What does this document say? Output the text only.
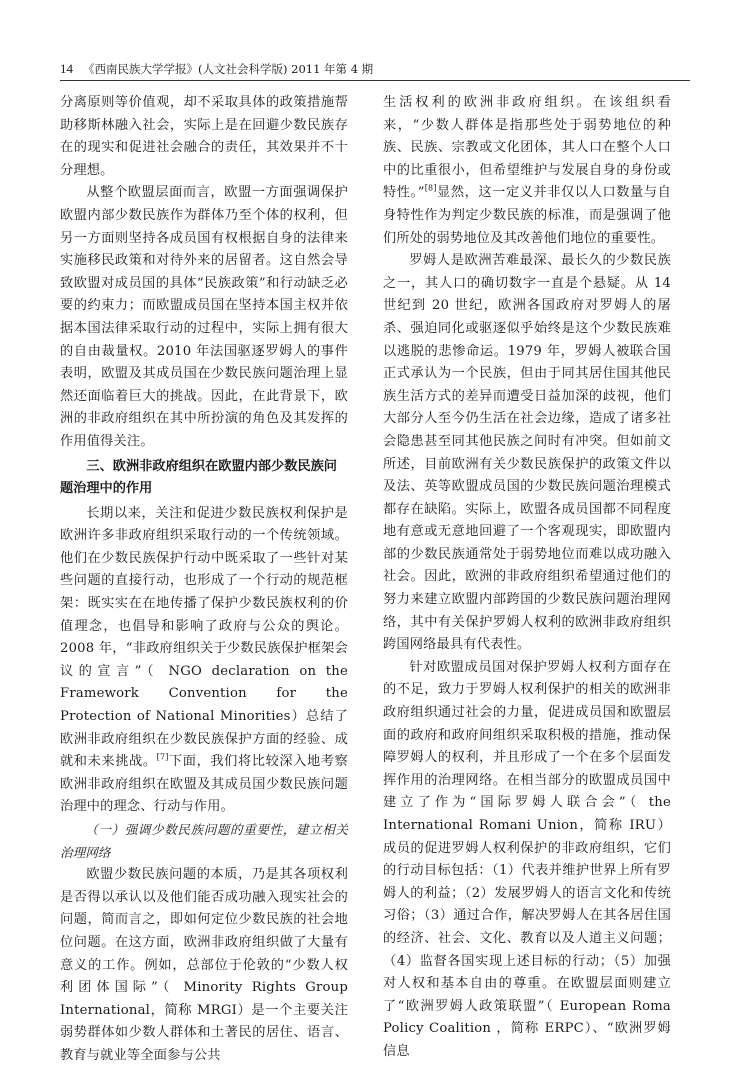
14 《西南民族大学学报》(人文社会科学版) 2011 年第 4 期

分离原则等价值观，却不采取具体的政策措施帮助移斯林融入社会，实际上是在回避少数民族存在的现实和促进社会融合的责任，其效果并不十分理想。

从整个欧盟层面而言，欧盟一方面强调保护欧盟内部少数民族作为群体乃至个体的权利，但另一方面则坚持各成员国有权根据自身的法律来实施移民政策和对待外来的居留者。这自然会导致欧盟对成员国的具体“民族政策”和行动缺乏必要的约束力；而欧盟成员国在坚持本国主权并依据本国法律采取行动的过程中，实际上拥有很大的自由裁量权。2010 年法国驱逐罗姆人的事件表明，欧盟及其成员国在少数民族问题治理上显然还面临着巨大的挑战。因此，在此背景下，欧洲的非政府组织在其中所扮演的角色及其发挥的作用值得关注。

三、欧洲非政府组织在欧盟内部少数民族问题治理中的作用

长期以来，关注和促进少数民族权利保护是欧洲许多非政府组织采取行动的一个传统领域。他们在少数民族保护行动中既采取了一些针对某些问题的直接行动，也形成了一个行动的规范框架：既实实在在地传播了保护少数民族权利的价值理念，也倡导和影响了政府与公众的舆论。2008 年，“非政府组织关于少数民族保护框架会议的宣言”（ NGO declaration on the Framework Convention for the Protection of National Minorities）总结了欧洲非政府组织在少数民族保护方面的经验、成就和未来挑战。[7]下面，我们将比较深入地考察欧洲非政府组织在欧盟及其成员国少数民族问题治理中的理念、行动与作用。

（一）强调少数民族问题的重要性，建立相关治理网络

欧盟少数民族问题的本质，乃是其各项权利是否得以承认以及他们能否成功融入现实社会的问题，简而言之，即如何定位少数民族的社会地位问题。在这方面，欧洲非政府组织做了大量有意义的工作。例如，总部位于伦敦的“少数人权利团体国际”（ Minority Rights Group International，简称 MRGI）是一个主要关注弱势群体如少数人群体和土著民的居住、语言、教育与就业等全面参与公共

生活权利的欧洲非政府组织。在该组织看来，“少数人群体是指那些处于弱势地位的种族、民族、宗教或文化团体，其人口在整个人口中的比重很小，但希望维护与发展自身的身份或特性。”[8]显然，这一定义并非仅以人口数量与自身特性作为判定少数民族的标准，而是强调了他们所处的弱势地位及其改善他们地位的重要性。

罗姆人是欧洲苦难最深、最长久的少数民族之一，其人口的确切数字一直是个悬疑。从 14 世纪到 20 世纪，欧洲各国政府对罗姆人的屠杀、强迫同化或驱逐似乎始终是这个少数民族难以逃脱的悲惨命运。1979 年，罗姆人被联合国正式承认为一个民族，但由于同其居住国其他民族生活方式的差异而遭受日益加深的歧视，他们大部分人至今仍生活在社会边缘，造成了诸多社会隐患甚至同其他民族之间时有冲突。但如前文所述，目前欧洲有关少数民族保护的政策文件以及法、英等欧盟成员国的少数民族问题治理模式都存在缺陷。实际上，欧盟各成员国都不同程度地有意或无意地回避了一个客观现实，即欧盟内部的少数民族通常处于弱势地位而难以成功融入社会。因此，欧洲的非政府组织希望通过他们的努力来建立欧盟内部跨国的少数民族问题治理网络，其中有关保护罗姆人权利的欧洲非政府组织跨国网络最具有代表性。

针对欧盟成员国对保护罗姆人权利方面存在的不足，致力于罗姆人权利保护的相关的欧洲非政府组织通过社会的力量，促进成员国和欧盟层面的政府和政府间组织采取积极的措施，推动保障罗姆人的权利，并且形成了一个在多个层面发挥作用的治理网络。在相当部分的欧盟成员国中建立了作为“国际罗姆人联合会”（ the International Romani Union，简称 IRU）成员的促进罗姆人权利保护的非政府组织，它们的行动目标包括：（1）代表并维护世界上所有罗姆人的利益；（2）发展罗姆人的语言文化和传统习俗；（3）通过合作，解决罗姆人在其各居住国的经济、社会、文化、教育以及人道主义问题；（4）监督各国实现上述目标的行动；（5）加强对人权和基本自由的尊重。在欧盟层面则建立了“欧洲罗姆人政策联盟”（ European Roma Policy Coalition ，简称 ERPC）、“欧洲罗姆信息
